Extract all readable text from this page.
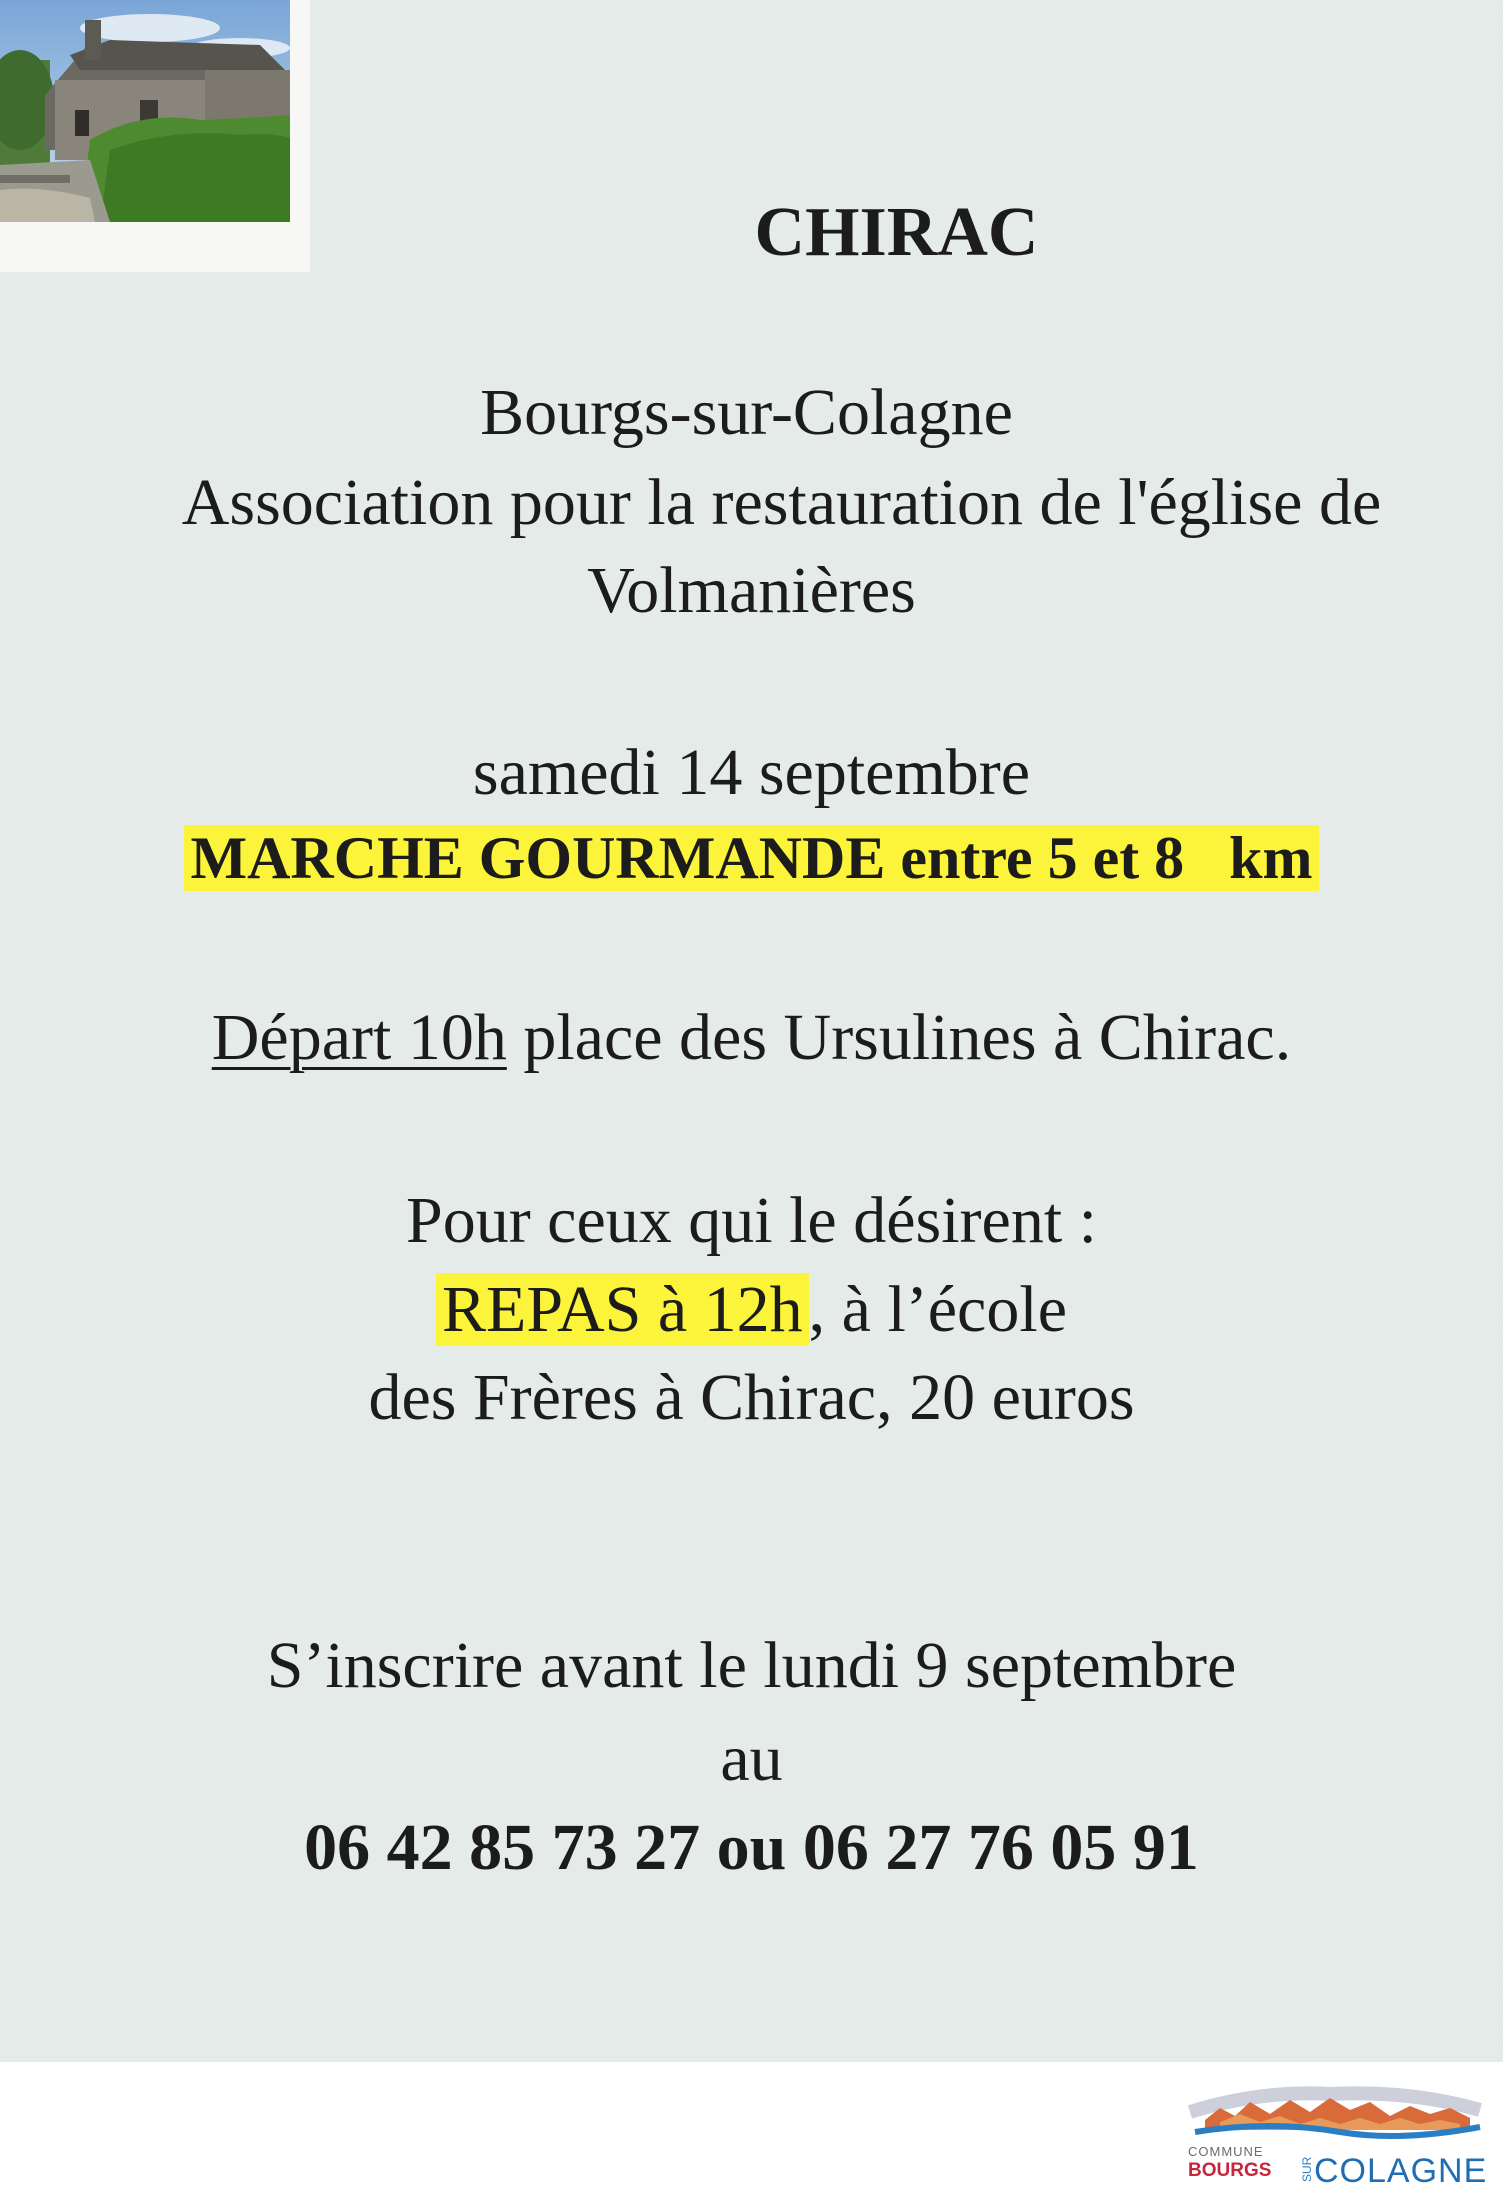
CHIRAC
Bourgs-sur-Colagne
Association pour la restauration de l'église de
Volmanières
samedi 14 septembre
MARCHE GOURMANDE entre 5 et 8   km
Départ 10h place des Ursulines à Chirac.
Pour ceux qui le désirent :
REPAS à 12h, à l’école
des Frères à Chirac, 20 euros
S’inscrire avant le lundi 9 septembre
au
06 42 85 73 27 ou 06 27 76 05 91
COMMUNE
BOURGS SUR COLAGNE
